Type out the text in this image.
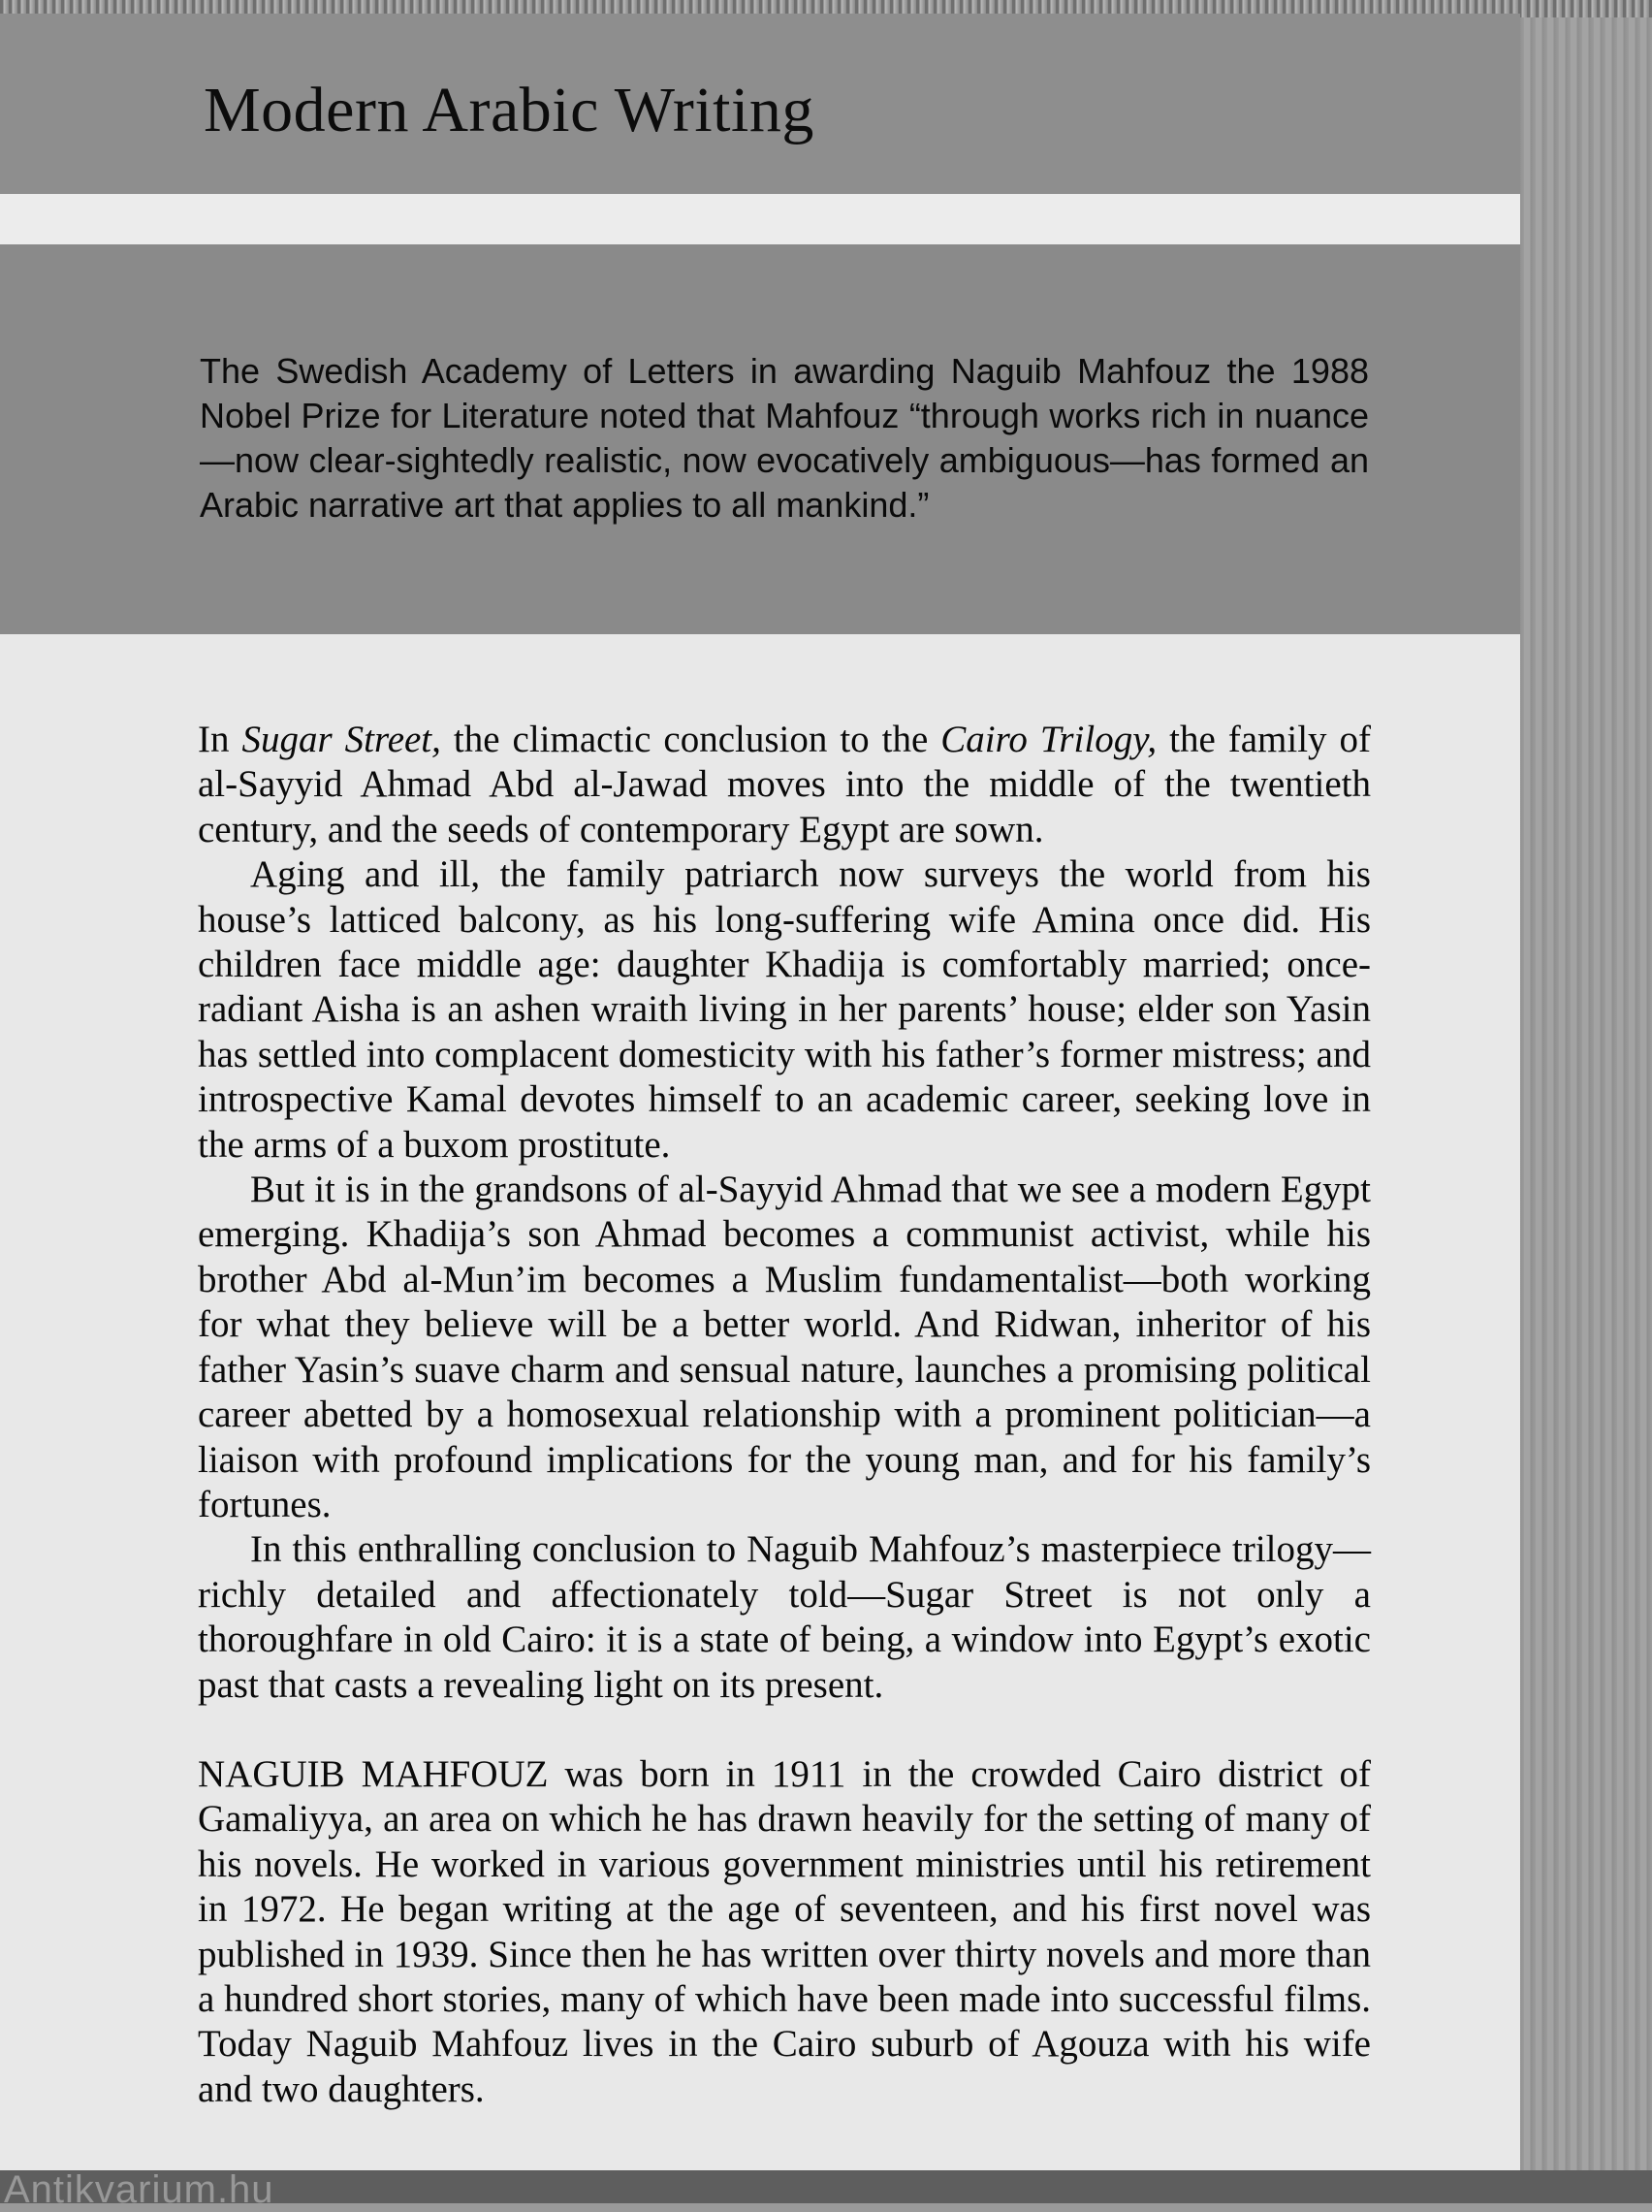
Modern Arabic Writing

The Swedish Academy of Letters in awarding Naguib Mahfouz the 1988 Nobel Prize for Literature noted that Mahfouz “through works rich in nuance—now clear-sightedly realistic, now evocatively ambiguous—has formed an Arabic narrative art that applies to all mankind.”

In Sugar Street, the climactic conclusion to the Cairo Trilogy, the family of al-Sayyid Ahmad Abd al-Jawad moves into the middle of the twentieth century, and the seeds of contemporary Egypt are sown.

Aging and ill, the family patriarch now surveys the world from his house’s latticed balcony, as his long-suffering wife Amina once did. His children face middle age: daughter Khadija is comfortably married; once-radiant Aisha is an ashen wraith living in her parents’ house; elder son Yasin has settled into complacent domesticity with his father’s former mistress; and introspective Kamal devotes himself to an academic career, seeking love in the arms of a buxom prostitute.

But it is in the grandsons of al-Sayyid Ahmad that we see a modern Egypt emerging. Khadija’s son Ahmad becomes a communist activist, while his brother Abd al-Mun’im becomes a Muslim fundamentalist—both working for what they believe will be a better world. And Ridwan, inheritor of his father Yasin’s suave charm and sensual nature, launches a promising political career abetted by a homosexual relationship with a prominent politician—a liaison with profound implications for the young man, and for his family’s fortunes.

In this enthralling conclusion to Naguib Mahfouz’s masterpiece trilogy—richly detailed and affectionately told—Sugar Street is not only a thoroughfare in old Cairo: it is a state of being, a window into Egypt’s exotic past that casts a revealing light on its present.

NAGUIB MAHFOUZ was born in 1911 in the crowded Cairo district of Gamaliyya, an area on which he has drawn heavily for the setting of many of his novels. He worked in various government ministries until his retirement in 1972. He began writing at the age of seventeen, and his first novel was published in 1939. Since then he has written over thirty novels and more than a hundred short stories, many of which have been made into successful films. Today Naguib Mahfouz lives in the Cairo suburb of Agouza with his wife and two daughters.

Antikvarium.hu
